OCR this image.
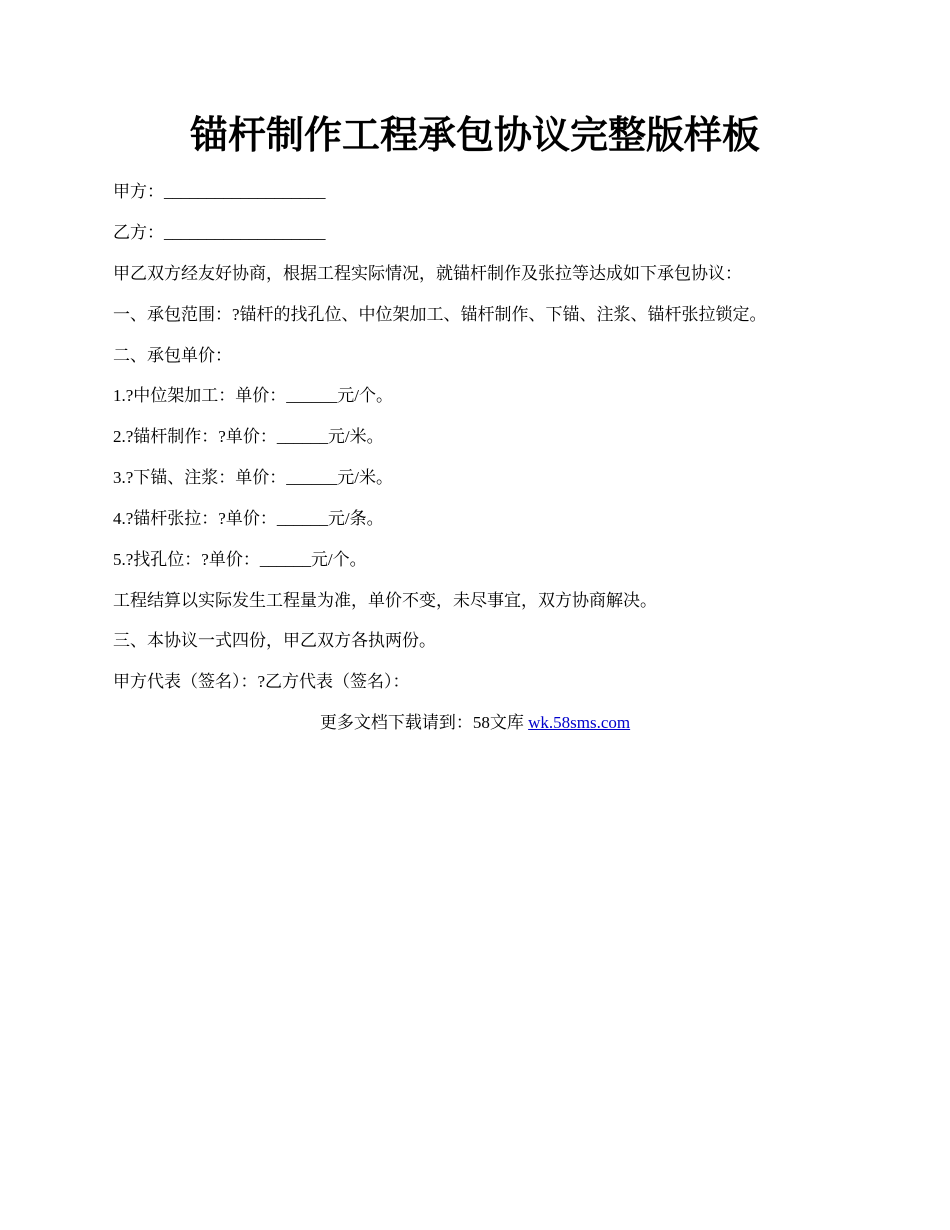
锚杆制作工程承包协议完整版样板

甲方：___________________

乙方：___________________

甲乙双方经友好协商，根据工程实际情况，就锚杆制作及张拉等达成如下承包协议：

一、承包范围：?锚杆的找孔位、中位架加工、锚杆制作、下锚、注浆、锚杆张拉锁定。

二、承包单价：

1.?中位架加工：单价：______元/个。

2.?锚杆制作：?单价：______元/米。

3.?下锚、注浆：单价：______元/米。

4.?锚杆张拉：?单价：______元/条。

5.?找孔位：?单价：______元/个。

工程结算以实际发生工程量为准，单价不变，未尽事宜，双方协商解决。

三、本协议一式四份，甲乙双方各执两份。

甲方代表（签名）：?乙方代表（签名）：

更多文档下载请到：58文库 wk.58sms.com
